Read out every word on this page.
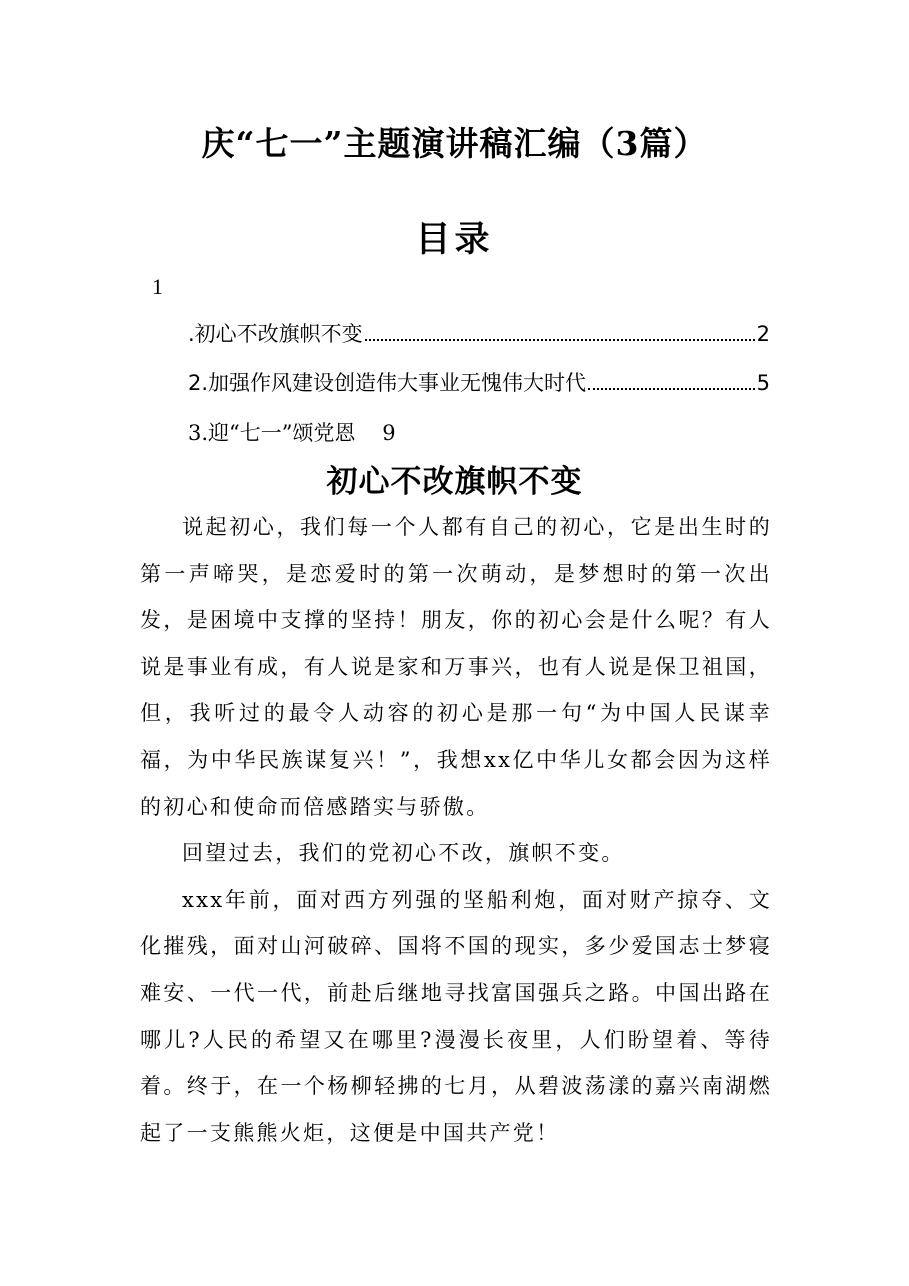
庆“七一”主题演讲稿汇编（3篇）
目录
1
.初心不改旗帜不变	2
2.加强作风建设创造伟大事业无愧伟大时代	5
3.迎“七一”颂党恩 9
初心不改旗帜不变

说起初心，我们每一个人都有自己的初心，它是出生时的第一声啼哭，是恋爱时的第一次萌动，是梦想时的第一次出发，是困境中支撑的坚持！朋友，你的初心会是什么呢？有人说是事业有成，有人说是家和万事兴，也有人说是保卫祖国，但，我听过的最令人动容的初心是那一句“为中国人民谋幸福，为中华民族谋复兴！”，我想xx亿中华儿女都会因为这样的初心和使命而倍感踏实与骄傲。

回望过去，我们的党初心不改，旗帜不变。

xxx年前，面对西方列强的坚船利炮，面对财产掠夺、文化摧残，面对山河破碎、国将不国的现实，多少爱国志士梦寝难安、一代一代，前赴后继地寻找富国强兵之路。中国出路在哪儿?人民的希望又在哪里?漫漫长夜里，人们盼望着、等待着。终于，在一个杨柳轻拂的七月，从碧波荡漾的嘉兴南湖燃起了一支熊熊火炬，这便是中国共产党！
